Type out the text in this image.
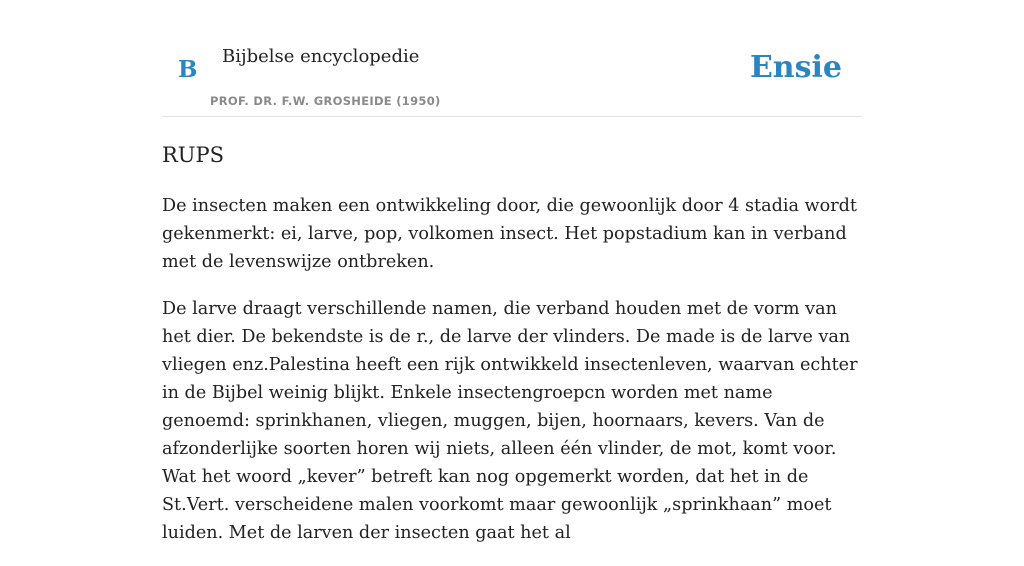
B Bijbelse encyclopedie
PROF. DR. F.W. GROSHEIDE (1950)
Ensie
RUPS

De insecten maken een ontwikkeling door, die gewoonlijk door 4 stadia wordt gekenmerkt: ei, larve, pop, volkomen insect. Het popstadium kan in verband met de levenswijze ontbreken.

De larve draagt verschillende namen, die verband houden met de vorm van het dier. De bekendste is de r., de larve der vlinders. De made is de larve van vliegen enz.Palestina heeft een rijk ontwikkeld insectenleven, waarvan echter in de Bijbel weinig blijkt. Enkele insectengroepcn worden met name genoemd: sprinkhanen, vliegen, muggen, bijen, hoornaars, kevers. Van de afzonderlijke soorten horen wij niets, alleen één vlinder, de mot, komt voor. Wat het woord „kever” betreft kan nog opgemerkt worden, dat het in de St.Vert. verscheidene malen voorkomt maar gewoonlijk „sprinkhaan” moet luiden. Met de larven der insecten gaat het al
